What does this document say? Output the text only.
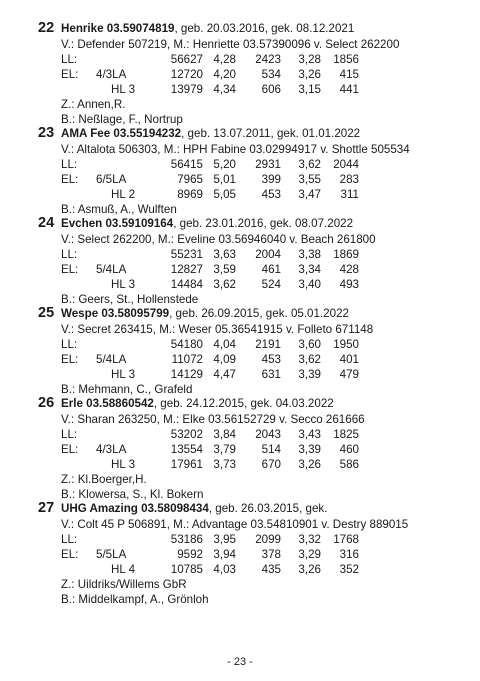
22 Henrike 03.59074819, geb. 20.03.2016, gek. 08.12.2021
V.: Defender 507219, M.: Henriette 03.57390096 v. Select 262200
LL:	56627 4,28 2423 3,28 1856
EL: 4/3LA	12720 4,20 534 3,26 415
HL 3	13979 4,34 606 3,15 441
Z.: Annen,R.
B.: Neßlage, F., Nortrup
23 AMA Fee 03.55194232, geb. 13.07.2011, gek. 01.01.2022
V.: Altalota 506303, M.: HPH Fabine 03.02994917 v. Shottle 505534
LL:	56415 5,20 2931 3,62 2044
EL: 6/5LA	7965 5,01 399 3,55 283
HL 2	8969 5,05 453 3,47 311
B.: Asmuß, A., Wulften
24 Evchen 03.59109164, geb. 23.01.2016, gek. 08.07.2022
V.: Select 262200, M.: Eveline 03.56946040 v. Beach 261800
LL:	55231 3,63 2004 3,38 1869
EL: 5/4LA	12827 3,59 461 3,34 428
HL 3	14484 3,62 524 3,40 493
B.: Geers, St., Hollenstede
25 Wespe 03.58095799, geb. 26.09.2015, gek. 05.01.2022
V.: Secret 263415, M.: Weser 05.36541915 v. Folleto 671148
LL:	54180 4,04 2191 3,60 1950
EL: 5/4LA	11072 4,09 453 3,62 401
HL 3	14129 4,47 631 3,39 479
B.: Mehmann, C., Grafeld
26 Erle 03.58860542, geb. 24.12.2015, gek. 04.03.2022
V.: Sharan 263250, M.: Elke 03.56152729 v. Secco 261666
LL:	53202 3,84 2043 3,43 1825
EL: 4/3LA	13554 3,79 514 3,39 460
HL 3	17961 3,73 670 3,26 586
Z.: Kl.Boerger,H.
B.: Klowersa, S., Kl. Bokern
27 UHG Amazing 03.58098434, geb. 26.03.2015, gek.
V.: Colt 45 P 506891, M.: Advantage 03.54810901 v. Destry 889015
LL:	53186 3,95 2099 3,32 1768
EL: 5/5LA	9592 3,94 378 3,29 316
HL 4	10785 4,03 435 3,26 352
Z.: Uildriks/Willems GbR
B.: Middelkampf, A., Grönloh
- 23 -
